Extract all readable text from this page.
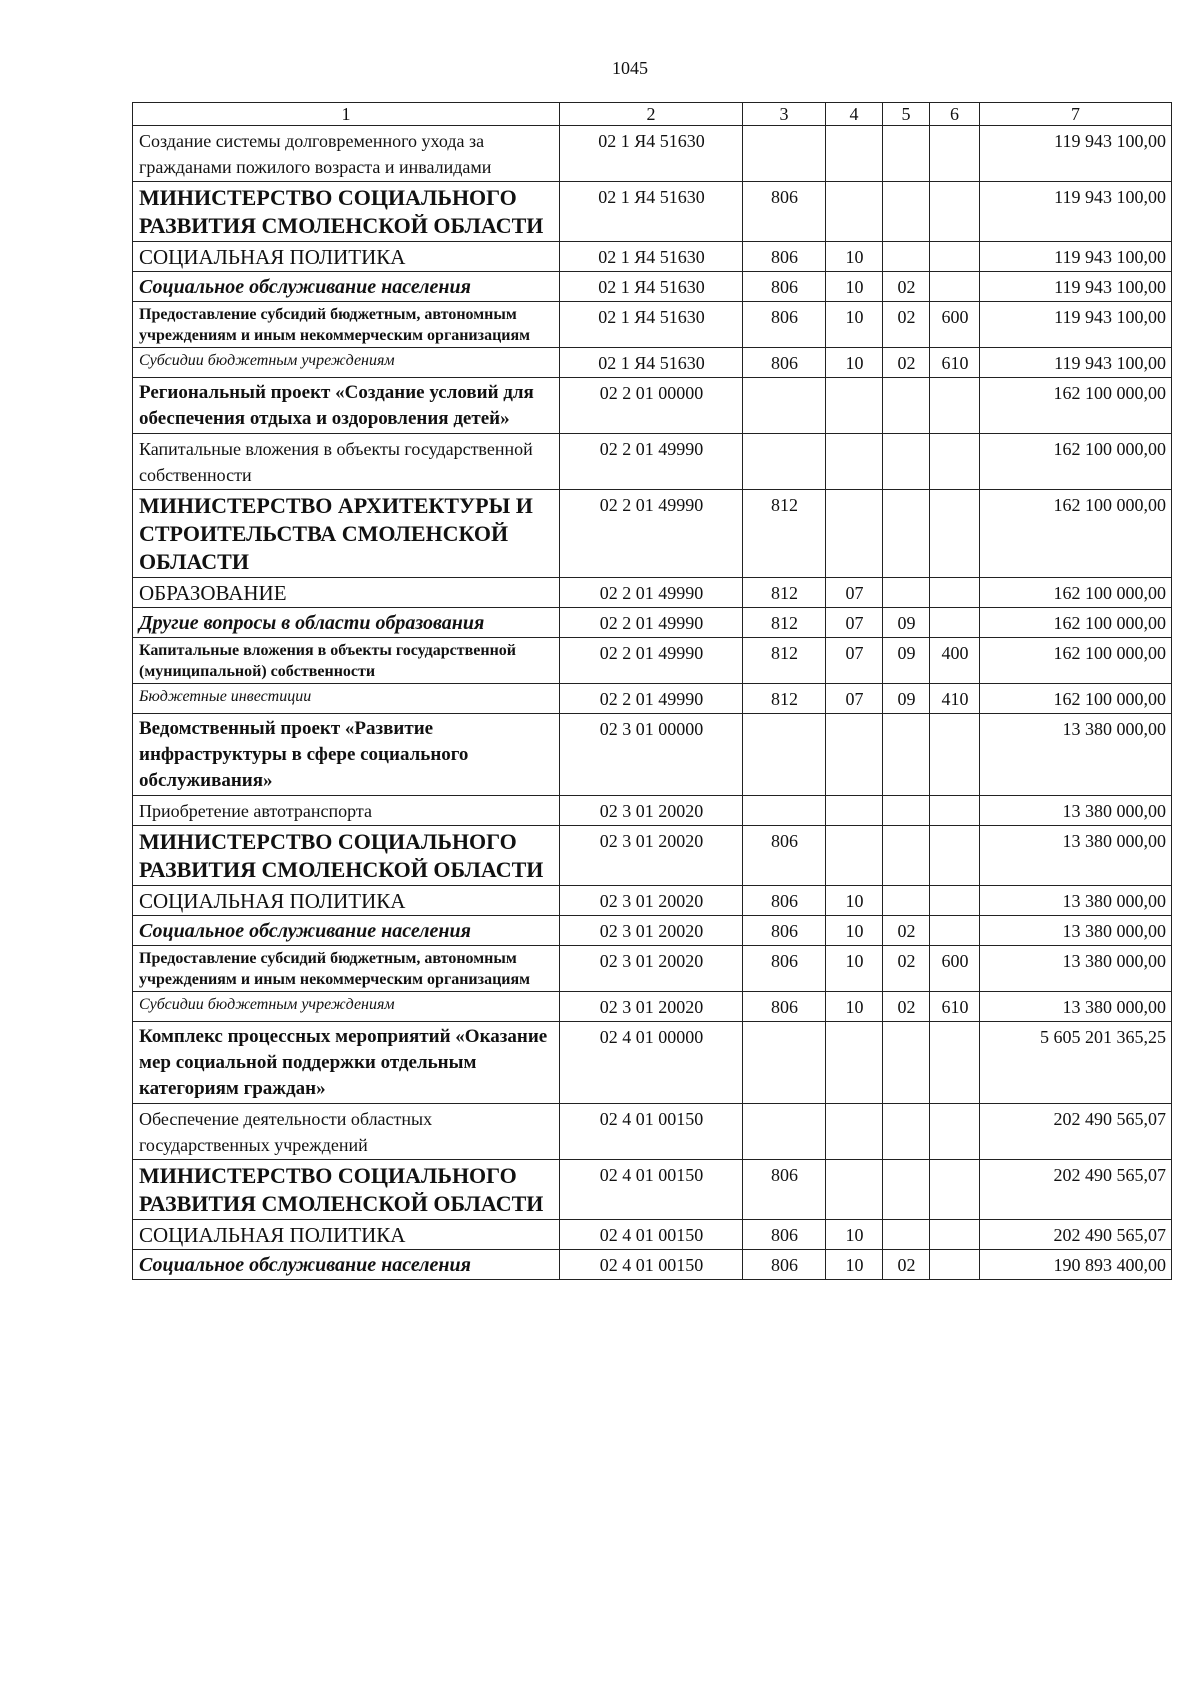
1045
1	2	3	4	5	6	7
Создание системы долговременного ухода за гражданами пожилого возраста и инвалидами	02 1 Я4 51630					119 943 100,00
МИНИСТЕРСТВО СОЦИАЛЬНОГО РАЗВИТИЯ СМОЛЕНСКОЙ ОБЛАСТИ	02 1 Я4 51630	806				119 943 100,00
СОЦИАЛЬНАЯ ПОЛИТИКА	02 1 Я4 51630	806	10			119 943 100,00
Социальное обслуживание населения	02 1 Я4 51630	806	10	02		119 943 100,00
Предоставление субсидий бюджетным, автономным учреждениям и иным некоммерческим организациям	02 1 Я4 51630	806	10	02	600	119 943 100,00
Субсидии бюджетным учреждениям	02 1 Я4 51630	806	10	02	610	119 943 100,00
Региональный проект «Создание условий для обеспечения отдыха и оздоровления детей»	02 2 01 00000					162 100 000,00
Капитальные вложения в объекты государственной собственности	02 2 01 49990					162 100 000,00
МИНИСТЕРСТВО АРХИТЕКТУРЫ И СТРОИТЕЛЬСТВА СМОЛЕНСКОЙ ОБЛАСТИ	02 2 01 49990	812				162 100 000,00
ОБРАЗОВАНИЕ	02 2 01 49990	812	07			162 100 000,00
Другие вопросы в области образования	02 2 01 49990	812	07	09		162 100 000,00
Капитальные вложения в объекты государственной (муниципальной) собственности	02 2 01 49990	812	07	09	400	162 100 000,00
Бюджетные инвестиции	02 2 01 49990	812	07	09	410	162 100 000,00
Ведомственный проект «Развитие инфраструктуры в сфере социального обслуживания»	02 3 01 00000					13 380 000,00
Приобретение автотранспорта	02 3 01 20020					13 380 000,00
МИНИСТЕРСТВО СОЦИАЛЬНОГО РАЗВИТИЯ СМОЛЕНСКОЙ ОБЛАСТИ	02 3 01 20020	806				13 380 000,00
СОЦИАЛЬНАЯ ПОЛИТИКА	02 3 01 20020	806	10			13 380 000,00
Социальное обслуживание населения	02 3 01 20020	806	10	02		13 380 000,00
Предоставление субсидий бюджетным, автономным учреждениям и иным некоммерческим организациям	02 3 01 20020	806	10	02	600	13 380 000,00
Субсидии бюджетным учреждениям	02 3 01 20020	806	10	02	610	13 380 000,00
Комплекс процессных мероприятий «Оказание мер социальной поддержки отдельным категориям граждан»	02 4 01 00000					5 605 201 365,25
Обеспечение деятельности областных государственных учреждений	02 4 01 00150					202 490 565,07
МИНИСТЕРСТВО СОЦИАЛЬНОГО РАЗВИТИЯ СМОЛЕНСКОЙ ОБЛАСТИ	02 4 01 00150	806				202 490 565,07
СОЦИАЛЬНАЯ ПОЛИТИКА	02 4 01 00150	806	10			202 490 565,07
Социальное обслуживание населения	02 4 01 00150	806	10	02		190 893 400,00
